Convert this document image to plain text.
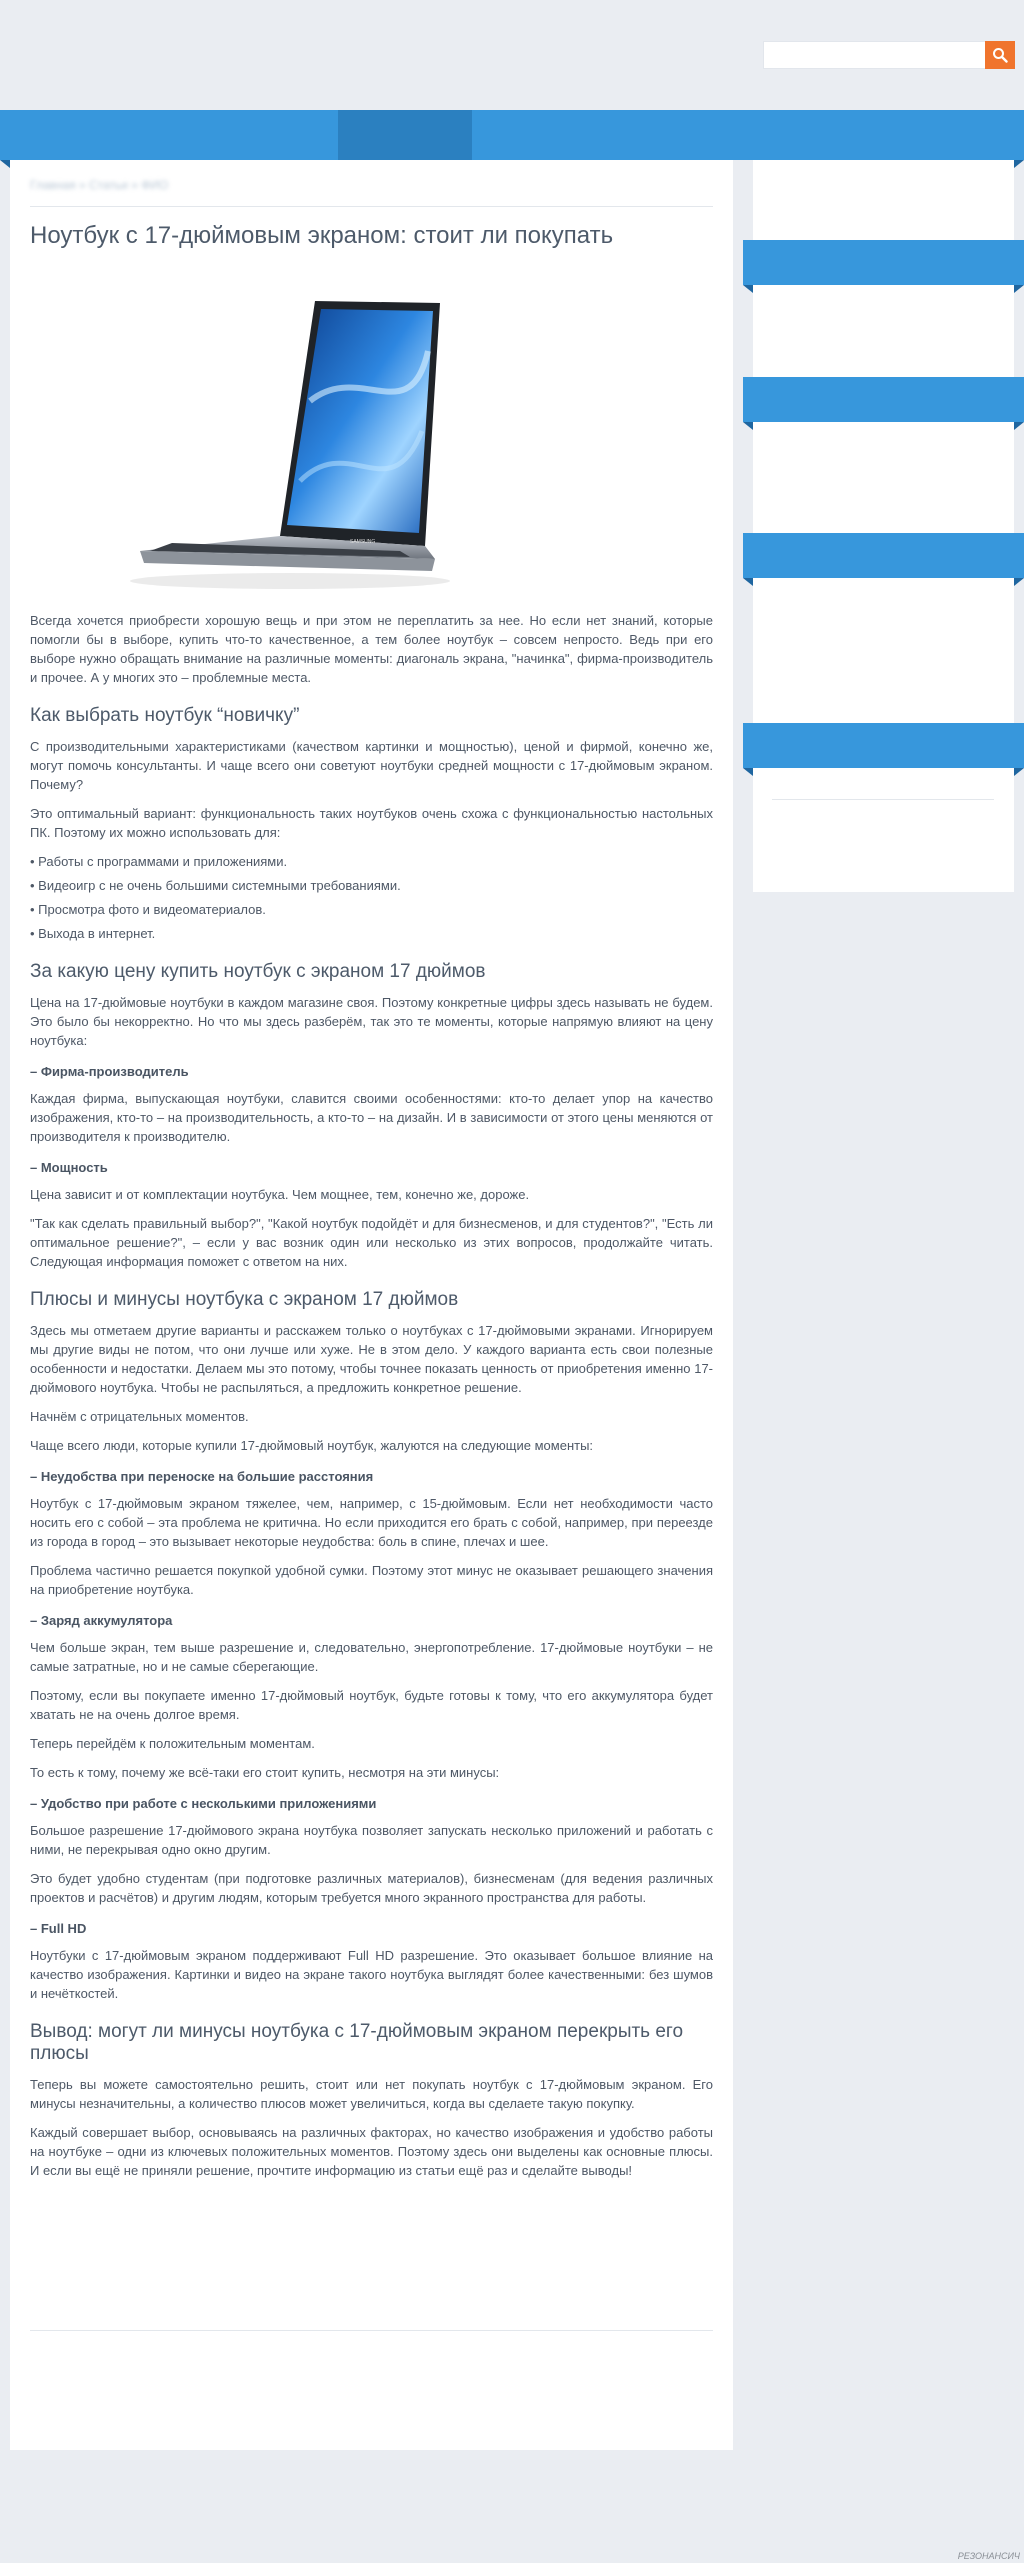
Главная » Статьи » ФИО
Ноутбук с 17-дюймовым экраном: стоит ли покупать
SAMSUNG

Всегда хочется приобрести хорошую вещь и при этом не переплатить за нее. Но если нет знаний, которые помогли бы в выборе, купить что-то качественное, а тем более ноутбук – совсем непросто. Ведь при его выборе нужно обращать внимание на различные моменты: диагональ экрана, "начинка", фирма-производитель и прочее. А у многих это – проблемные места.

Как выбрать ноутбук “новичку”

С производительными характеристиками (качеством картинки и мощностью), ценой и фирмой, конечно же, могут помочь консультанты. И чаще всего они советуют ноутбуки средней мощности с 17-дюймовым экраном. Почему?

Это оптимальный вариант: функциональность таких ноутбуков очень схожа с функциональностью настольных ПК. Поэтому их можно использовать для:

• Работы с программами и приложениями.
• Видеоигр с не очень большими системными требованиями.
• Просмотра фото и видеоматериалов.
• Выхода в интернет.
За какую цену купить ноутбук с экраном 17 дюймов

Цена на 17-дюймовые ноутбуки в каждом магазине своя. Поэтому конкретные цифры здесь называть не будем. Это было бы некорректно. Но что мы здесь разберём, так это те моменты, которые напрямую влияют на цену ноутбука:

– Фирма-производитель

Каждая фирма, выпускающая ноутбуки, славится своими особенностями: кто-то делает упор на качество изображения, кто-то – на производительность, а кто-то – на дизайн. И в зависимости от этого цены меняются от производителя к производителю.

– Мощность

Цена зависит и от комплектации ноутбука. Чем мощнее, тем, конечно же, дороже.

"Так как сделать правильный выбор?", "Какой ноутбук подойдёт и для бизнесменов, и для студентов?", "Есть ли оптимальное решение?", – если у вас возник один или несколько из этих вопросов, продолжайте читать. Следующая информация поможет с ответом на них.

Плюсы и минусы ноутбука с экраном 17 дюймов

Здесь мы отметаем другие варианты и расскажем только о ноутбуках с 17-дюймовыми экранами. Игнорируем мы другие виды не потом, что они лучше или хуже. Не в этом дело. У каждого варианта есть свои полезные особенности и недостатки. Делаем мы это потому, чтобы точнее показать ценность от приобретения именно 17-дюймового ноутбука. Чтобы не распыляться, а предложить конкретное решение.

Начнём с отрицательных моментов.

Чаще всего люди, которые купили 17-дюймовый ноутбук, жалуются на следующие моменты:

– Неудобства при переноске на большие расстояния

Ноутбук с 17-дюймовым экраном тяжелее, чем, например, с 15-дюймовым. Если нет необходимости часто носить его с собой – эта проблема не критична. Но если приходится его брать с собой, например, при переезде из города в город – это вызывает некоторые неудобства: боль в спине, плечах и шее.

Проблема частично решается покупкой удобной сумки. Поэтому этот минус не оказывает решающего значения на приобретение ноутбука.

– Заряд аккумулятора

Чем больше экран, тем выше разрешение и, следовательно, энергопотребление. 17-дюймовые ноутбуки – не самые затратные, но и не самые сберегающие.

Поэтому, если вы покупаете именно 17-дюймовый ноутбук, будьте готовы к тому, что его аккумулятора будет хватать не на очень долгое время.

Теперь перейдём к положительным моментам.

То есть к тому, почему же всё-таки его стоит купить, несмотря на эти минусы:

– Удобство при работе с несколькими приложениями

Большое разрешение 17-дюймового экрана ноутбука позволяет запускать несколько приложений и работать с ними, не перекрывая одно окно другим.

Это будет удобно студентам (при подготовке различных материалов), бизнесменам (для ведения различных проектов и расчётов) и другим людям, которым требуется много экранного пространства для работы.

– Full HD

Ноутбуки с 17-дюймовым экраном поддерживают Full HD разрешение. Это оказывает большое влияние на качество изображения. Картинки и видео на экране такого ноутбука выглядят более качественными: без шумов и нечёткостей.

Вывод: могут ли минусы ноутбука с 17-дюймовым экраном перекрыть его плюсы

Теперь вы можете самостоятельно решить, стоит или нет покупать ноутбук с 17-дюймовым экраном. Его минусы незначительны, а количество плюсов может увеличиться, когда вы сделаете такую покупку.

Каждый совершает выбор, основываясь на различных факторах, но качество изображения и удобство работы на ноутбуке – одни из ключевых положительных моментов. Поэтому здесь они выделены как основные плюсы. И если вы ещё не приняли решение, прочтите информацию из статьи ещё раз и сделайте выводы!

РЕЗОНАНСИЧ
